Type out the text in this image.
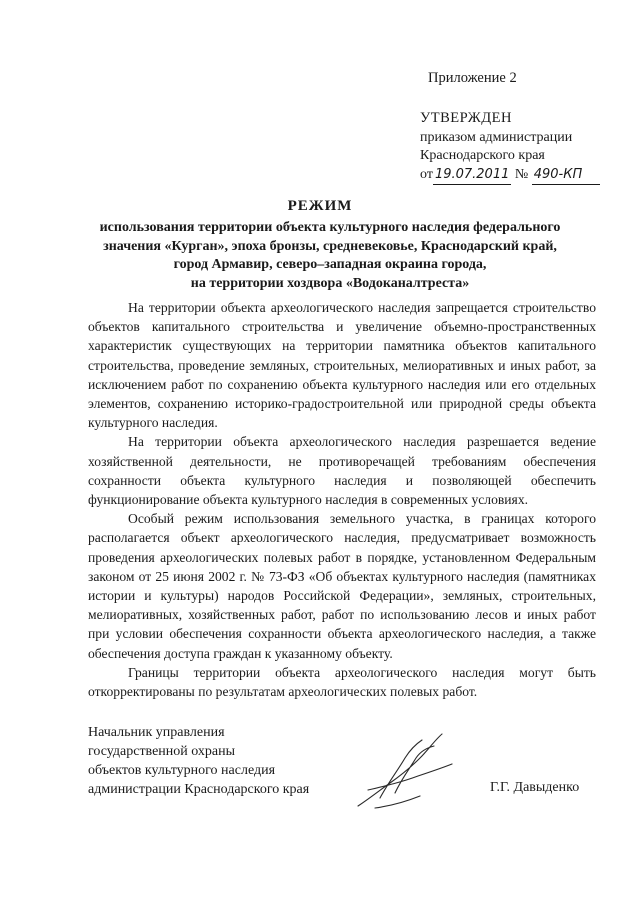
Приложение 2
УТВЕРЖДЕН
приказом администрации
Краснодарского края
от 19.07.2011 № 490-КП
РЕЖИМ
использования территории объекта культурного наследия федерального
значения «Курган», эпоха бронзы, средневековье, Краснодарский край,
город Армавир, северо–западная окраина города,
на территории хоздвора «Водоканалтреста»

На территории объекта археологического наследия запрещается строительство объектов капитального строительства и увеличение объемно-пространственных характеристик существующих на территории памятника объектов капитального строительства, проведение земляных, строительных, мелиоративных и иных работ, за исключением работ по сохранению объекта культурного наследия или его отдельных элементов, сохранению историко-градостроительной или природной среды объекта культурного наследия.

На территории объекта археологического наследия разрешается ведение хозяйственной деятельности, не противоречащей требованиям обеспечения сохранности объекта культурного наследия и позволяющей обеспечить функционирование объекта культурного наследия в современных условиях.

Особый режим использования земельного участка, в границах которого располагается объект археологического наследия, предусматривает возможность проведения археологических полевых работ в порядке, установленном Федеральным законом от 25 июня 2002 г. № 73-ФЗ «Об объектах культурного наследия (памятниках истории и культуры) народов Российской Федерации», земляных, строительных, мелиоративных, хозяйственных работ, работ по использованию лесов и иных работ при условии обеспечения сохранности объекта археологического наследия, а также обеспечения доступа граждан к указанному объекту.

Границы территории объекта археологического наследия могут быть откорректированы по результатам археологических полевых работ.

Начальник управления
государственной охраны
объектов культурного наследия
администрации Краснодарского края	Г.Г. Давыденко
